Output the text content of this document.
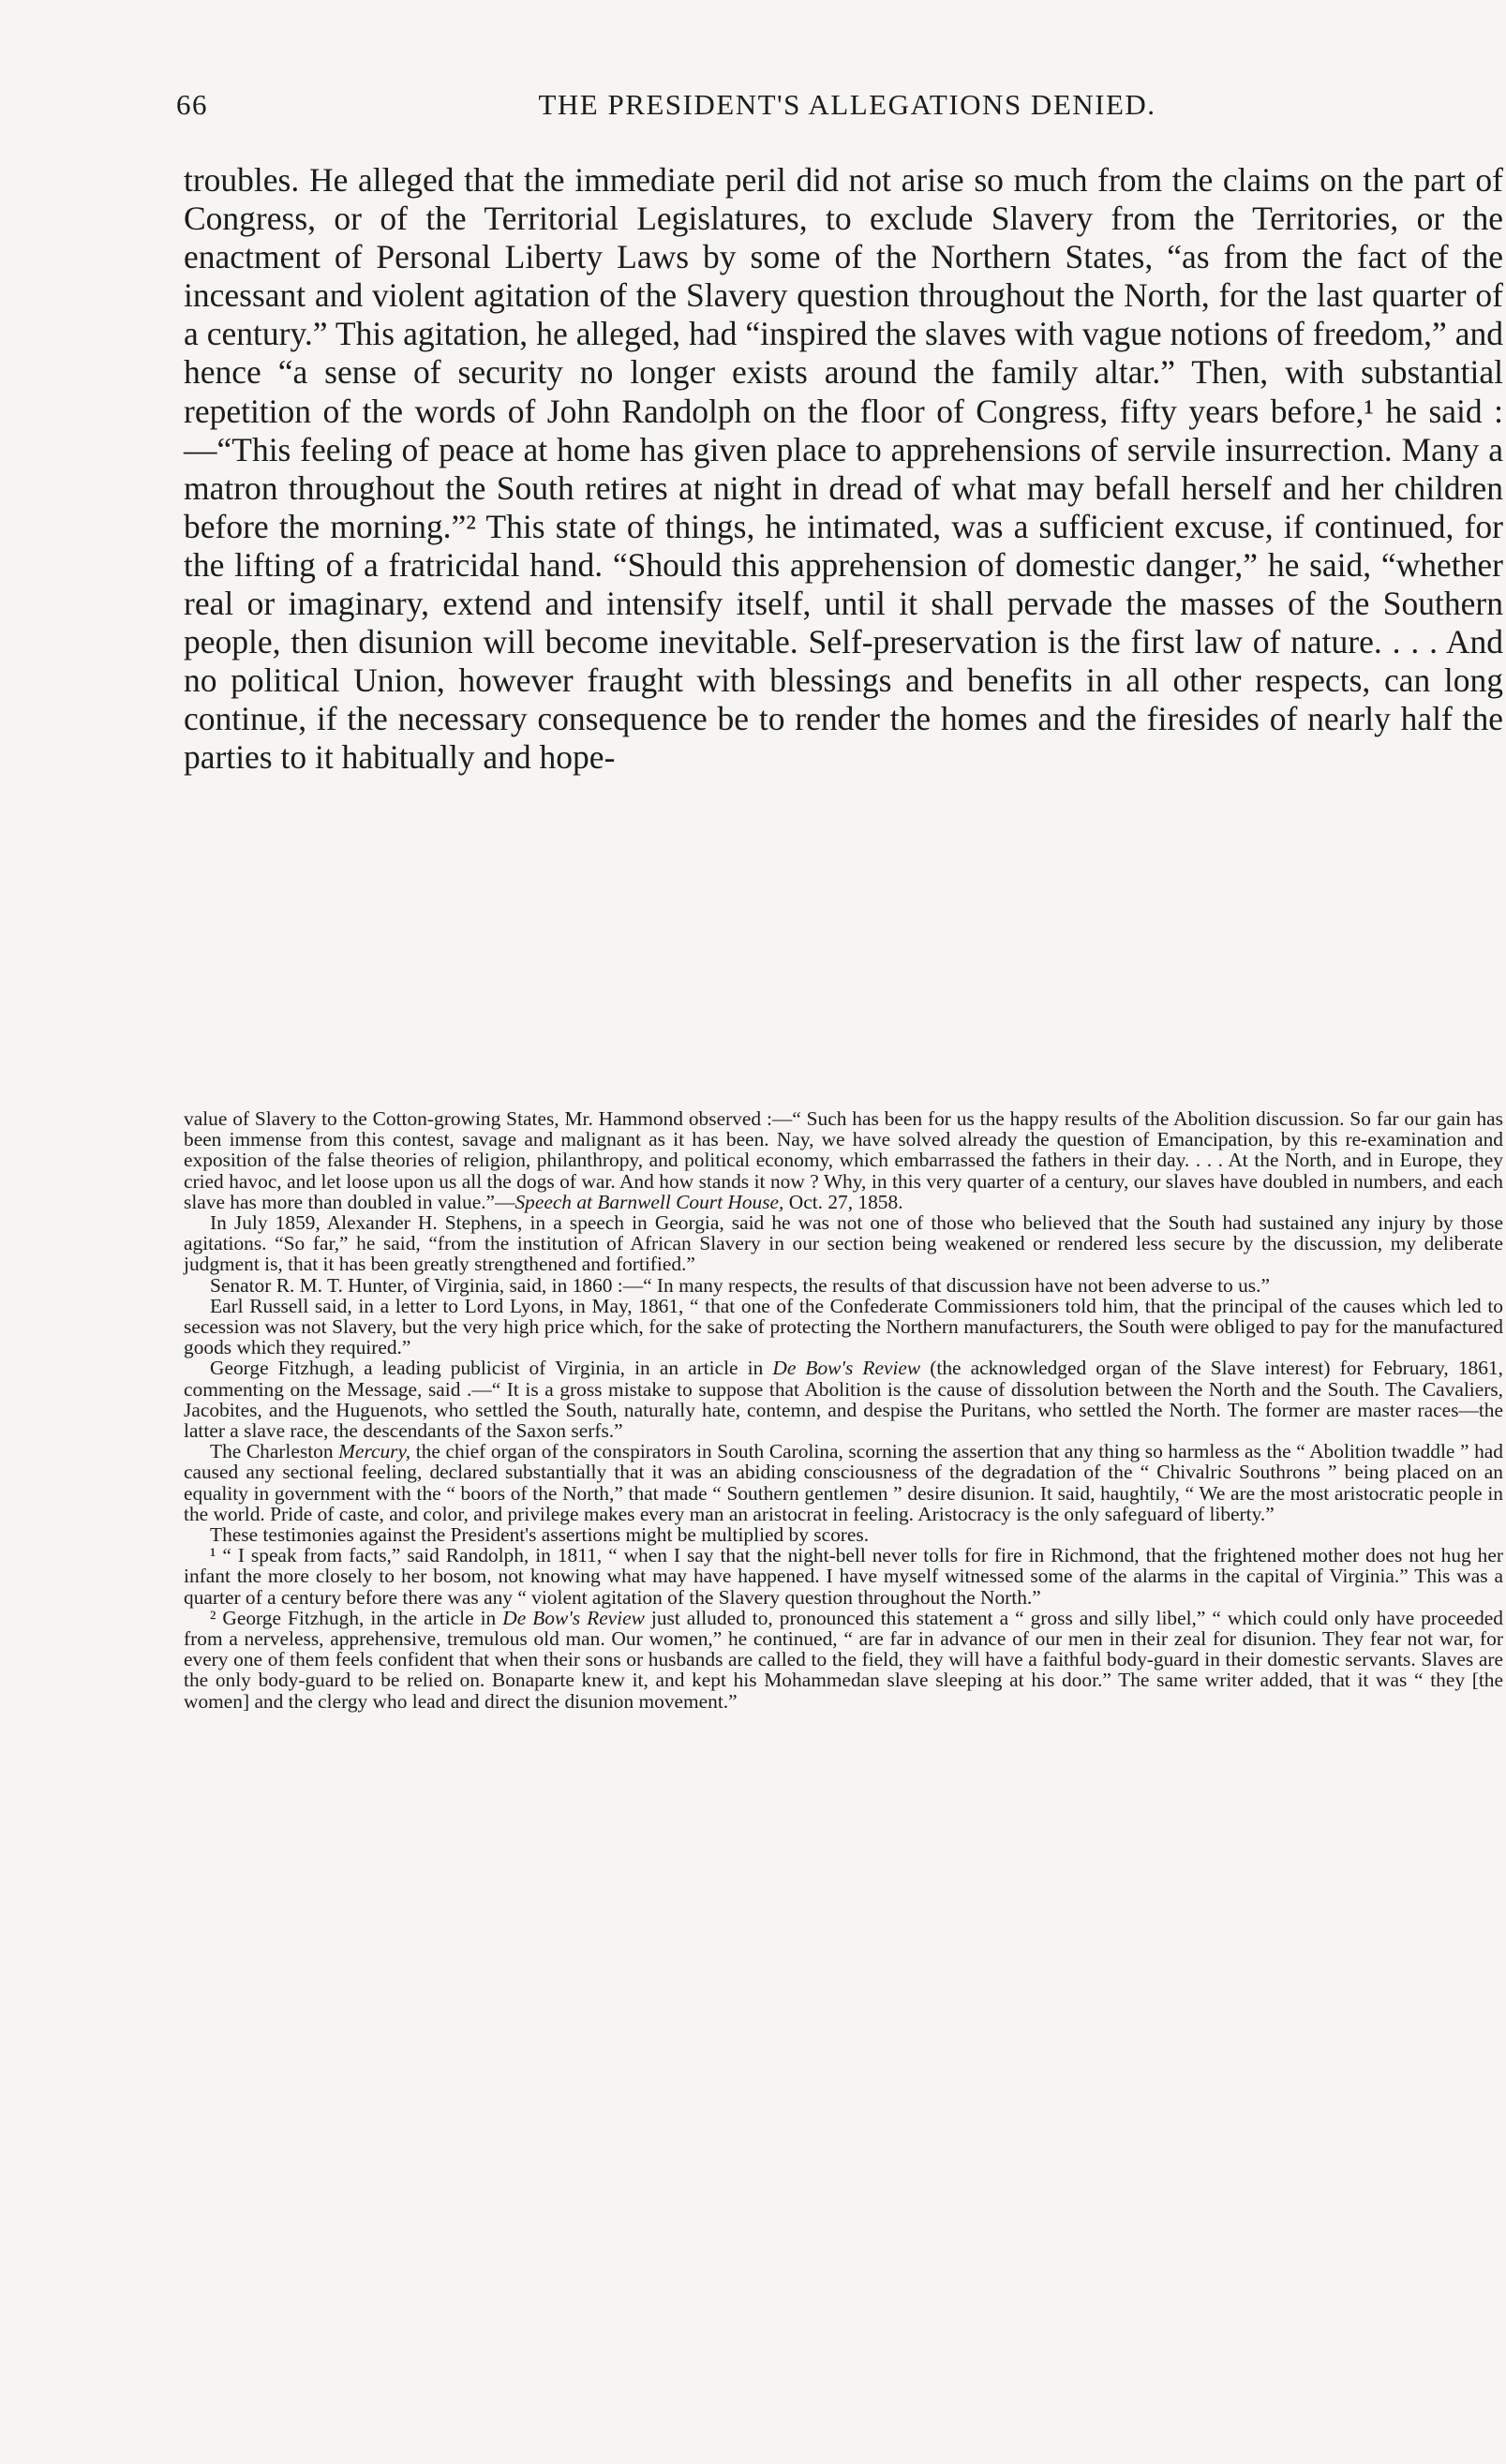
66	THE PRESIDENT'S ALLEGATIONS DENIED.

troubles. He alleged that the immediate peril did not arise so much from the claims on the part of Congress, or of the Territorial Legislatures, to exclude Slavery from the Territories, or the enactment of Personal Liberty Laws by some of the Northern States, “as from the fact of the incessant and violent agitation of the Slavery question throughout the North, for the last quarter of a century.” This agitation, he alleged, had “inspired the slaves with vague notions of freedom,” and hence “a sense of security no longer exists around the family altar.” Then, with substantial repetition of the words of John Randolph on the floor of Congress, fifty years before,¹ he said :—“This feeling of peace at home has given place to apprehensions of servile insurrection. Many a matron throughout the South retires at night in dread of what may befall herself and her children before the morning.”² This state of things, he intimated, was a sufficient excuse, if continued, for the lifting of a fratricidal hand. “Should this apprehension of domestic danger,” he said, “whether real or imaginary, extend and intensify itself, until it shall pervade the masses of the Southern people, then disunion will become inevitable. Self-preservation is the first law of nature. . . . And no political Union, however fraught with blessings and benefits in all other respects, can long continue, if the necessary consequence be to render the homes and the firesides of nearly half the parties to it habitually and hope-

value of Slavery to the Cotton-growing States, Mr. Hammond observed :—“ Such has been for us the happy results of the Abolition discussion. So far our gain has been immense from this contest, savage and malignant as it has been. Nay, we have solved already the question of Emancipation, by this re-examination and exposition of the false theories of religion, philanthropy, and political economy, which embarrassed the fathers in their day. . . . At the North, and in Europe, they cried havoc, and let loose upon us all the dogs of war. And how stands it now ? Why, in this very quarter of a century, our slaves have doubled in numbers, and each slave has more than doubled in value.”—Speech at Barnwell Court House, Oct. 27, 1858.

In July 1859, Alexander H. Stephens, in a speech in Georgia, said he was not one of those who believed that the South had sustained any injury by those agitations. “So far,” he said, “from the institution of African Slavery in our section being weakened or rendered less secure by the discussion, my deliberate judgment is, that it has been greatly strengthened and fortified.”

Senator R. M. T. Hunter, of Virginia, said, in 1860 :—“ In many respects, the results of that discussion have not been adverse to us.”

Earl Russell said, in a letter to Lord Lyons, in May, 1861, “ that one of the Confederate Commissioners told him, that the principal of the causes which led to secession was not Slavery, but the very high price which, for the sake of protecting the Northern manufacturers, the South were obliged to pay for the manufactured goods which they required.”

George Fitzhugh, a leading publicist of Virginia, in an article in De Bow's Review (the acknowledged organ of the Slave interest) for February, 1861, commenting on the Message, said .—“ It is a gross mistake to suppose that Abolition is the cause of dissolution between the North and the South. The Cavaliers, Jacobites, and the Huguenots, who settled the South, naturally hate, contemn, and despise the Puritans, who settled the North. The former are master races—the latter a slave race, the descendants of the Saxon serfs.”

The Charleston Mercury, the chief organ of the conspirators in South Carolina, scorning the assertion that any thing so harmless as the “ Abolition twaddle ” had caused any sectional feeling, declared substantially that it was an abiding consciousness of the degradation of the “ Chivalric Southrons ” being placed on an equality in government with the “ boors of the North,” that made “ Southern gentlemen ” desire disunion. It said, haughtily, “ We are the most aristocratic people in the world. Pride of caste, and color, and privilege makes every man an aristocrat in feeling. Aristocracy is the only safeguard of liberty.”

These testimonies against the President's assertions might be multiplied by scores.

¹ “ I speak from facts,” said Randolph, in 1811, “ when I say that the night-bell never tolls for fire in Richmond, that the frightened mother does not hug her infant the more closely to her bosom, not knowing what may have happened. I have myself witnessed some of the alarms in the capital of Virginia.” This was a quarter of a century before there was any “ violent agitation of the Slavery question throughout the North.”

² George Fitzhugh, in the article in De Bow's Review just alluded to, pronounced this statement a “ gross and silly libel,” “ which could only have proceeded from a nerveless, apprehensive, tremulous old man. Our women,” he continued, “ are far in advance of our men in their zeal for disunion. They fear not war, for every one of them feels confident that when their sons or husbands are called to the field, they will have a faithful body-guard in their domestic servants. Slaves are the only body-guard to be relied on. Bonaparte knew it, and kept his Mohammedan slave sleeping at his door.” The same writer added, that it was “ they [the women] and the clergy who lead and direct the disunion movement.”
